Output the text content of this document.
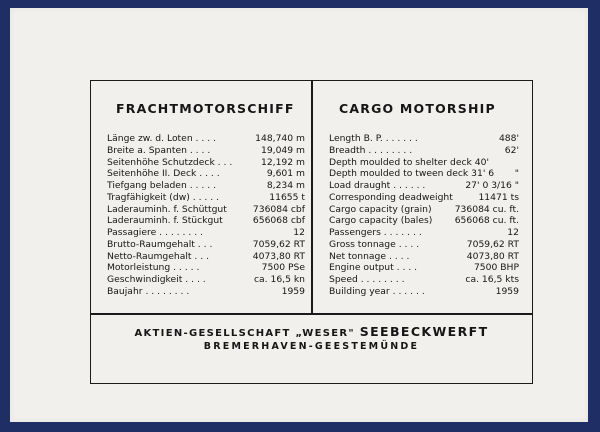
FRACHTMOTORSCHIFF	CARGO MOTORSHIP
Länge zw. d. Loten . . . .	148,740 m
Breite a. Spanten . . . .	19,049 m
Seitenhöhe Schutzdeck . . .	12,192 m
Seitenhöhe II. Deck . . . .	9,601 m
Tiefgang beladen . . . . .	8,234 m
Tragfähigkeit (dw) . . . . .	11655 t
Laderauminh. f. Schüttgut	736084 cbf
Laderauminh. f. Stückgut	656068 cbf
Passagiere . . . . . . . .	12
Brutto-Raumgehalt . . .	7059,62 RT
Netto-Raumgehalt . . .	4073,80 RT
Motorleistung . . . . .	7500 PSe
Geschwindigkeit . . . .	ca. 16,5 kn
Baujahr . . . . . . . .	1959
Length B. P. . . . . . .	488'
Breadth . . . . . . . .	62'
Depth moulded to shelter deck 40'
Depth moulded to tween deck 31' 6 "
Load draught . . . . . .	27' 0 3/16 "
Corresponding deadweight	11471 ts
Cargo capacity (grain)	736084 cu. ft.
Cargo capacity (bales) 656068 cu. ft.
Passengers . . . . . . .	12
Gross tonnage . . . .	7059,62 RT
Net tonnage . . . .	4073,80 RT
Engine output . . . .	7500 BHP
Speed . . . . . . . .	ca. 16,5 kts
Building year . . . . . .	1959
AKTIEN-GESELLSCHAFT „WESER" SEEBECKWERFT
BREMERHAVEN-GEESTEMÜNDE
